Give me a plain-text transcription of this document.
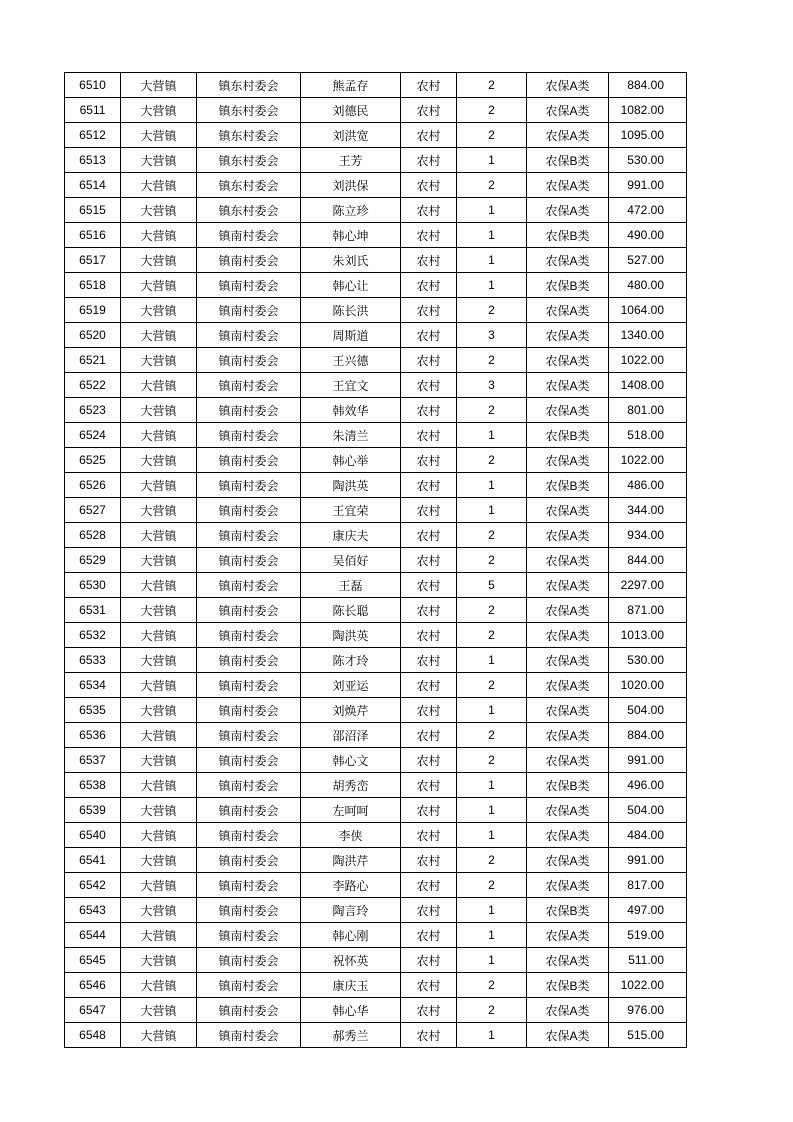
6510	大营镇	镇东村委会	熊孟存	农村	2	农保A类	884.00
6511	大营镇	镇东村委会	刘德民	农村	2	农保A类	1082.00
6512	大营镇	镇东村委会	刘洪宽	农村	2	农保A类	1095.00
6513	大营镇	镇东村委会	王芳	农村	1	农保B类	530.00
6514	大营镇	镇东村委会	刘洪保	农村	2	农保A类	991.00
6515	大营镇	镇东村委会	陈立珍	农村	1	农保A类	472.00
6516	大营镇	镇南村委会	韩心坤	农村	1	农保B类	490.00
6517	大营镇	镇南村委会	朱刘氏	农村	1	农保A类	527.00
6518	大营镇	镇南村委会	韩心让	农村	1	农保B类	480.00
6519	大营镇	镇南村委会	陈长洪	农村	2	农保A类	1064.00
6520	大营镇	镇南村委会	周斯道	农村	3	农保A类	1340.00
6521	大营镇	镇南村委会	王兴德	农村	2	农保A类	1022.00
6522	大营镇	镇南村委会	王宜文	农村	3	农保A类	1408.00
6523	大营镇	镇南村委会	韩效华	农村	2	农保A类	801.00
6524	大营镇	镇南村委会	朱清兰	农村	1	农保B类	518.00
6525	大营镇	镇南村委会	韩心举	农村	2	农保A类	1022.00
6526	大营镇	镇南村委会	陶洪英	农村	1	农保B类	486.00
6527	大营镇	镇南村委会	王宜荣	农村	1	农保A类	344.00
6528	大营镇	镇南村委会	康庆夫	农村	2	农保A类	934.00
6529	大营镇	镇南村委会	吴佰好	农村	2	农保A类	844.00
6530	大营镇	镇南村委会	王磊	农村	5	农保A类	2297.00
6531	大营镇	镇南村委会	陈长聪	农村	2	农保A类	871.00
6532	大营镇	镇南村委会	陶洪英	农村	2	农保A类	1013.00
6533	大营镇	镇南村委会	陈才玲	农村	1	农保A类	530.00
6534	大营镇	镇南村委会	刘亚运	农村	2	农保A类	1020.00
6535	大营镇	镇南村委会	刘焕芹	农村	1	农保A类	504.00
6536	大营镇	镇南村委会	邵沼泽	农村	2	农保A类	884.00
6537	大营镇	镇南村委会	韩心文	农村	2	农保A类	991.00
6538	大营镇	镇南村委会	胡秀峦	农村	1	农保B类	496.00
6539	大营镇	镇南村委会	左呵呵	农村	1	农保A类	504.00
6540	大营镇	镇南村委会	李侠	农村	1	农保A类	484.00
6541	大营镇	镇南村委会	陶洪芹	农村	2	农保A类	991.00
6542	大营镇	镇南村委会	李路心	农村	2	农保A类	817.00
6543	大营镇	镇南村委会	陶言玲	农村	1	农保B类	497.00
6544	大营镇	镇南村委会	韩心刚	农村	1	农保A类	519.00
6545	大营镇	镇南村委会	祝怀英	农村	1	农保A类	511.00
6546	大营镇	镇南村委会	康庆玉	农村	2	农保B类	1022.00
6547	大营镇	镇南村委会	韩心华	农村	2	农保A类	976.00
6548	大营镇	镇南村委会	郝秀兰	农村	1	农保A类	515.00
